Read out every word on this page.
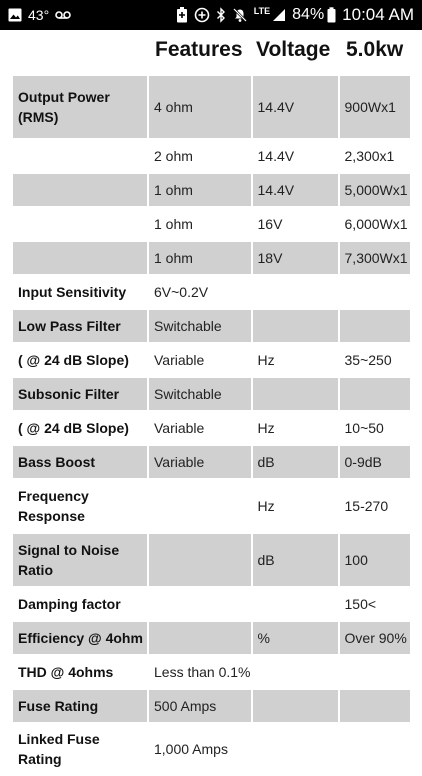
43°	LTE 84% 10:04 AM
Features Voltage 5.0kw
Output Power (RMS)	4 ohm	14.4V	900Wx1
	2 ohm	14.4V	2,300x1
	1 ohm	14.4V	5,000Wx1
	1 ohm	16V	6,000Wx1
	1 ohm	18V	7,300Wx1
Input Sensitivity	6V~0.2V		
Low Pass Filter	Switchable		
( @ 24 dB Slope)	Variable	Hz	35~250
Subsonic Filter	Switchable		
( @ 24 dB Slope)	Variable	Hz	10~50
Bass Boost	Variable	dB	0-9dB
Frequency Response		Hz	15-270
Signal to Noise Ratio		dB	100
Damping factor			150<
Efficiency @ 4ohm		%	Over 90%
THD @ 4ohms	Less than 0.1%		
Fuse Rating	500 Amps		
Linked Fuse Rating	1,000 Amps		
